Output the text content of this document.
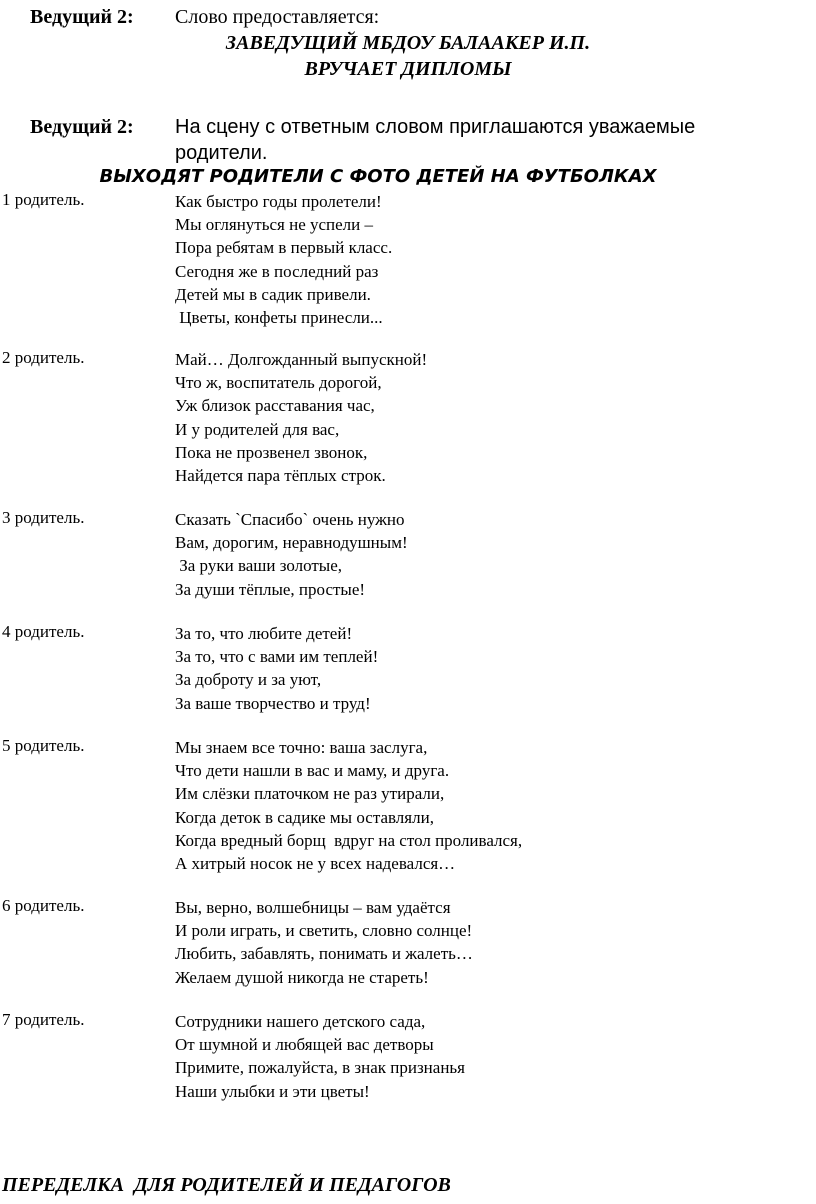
Ведущий 2: Слово предоставляется:
ЗАВЕДУЩИЙ МБДОУ БАЛААКЕР И.П.
ВРУЧАЕТ ДИПЛОМЫ
Ведущий 2: На сцену с ответным словом приглашаются уважаемые
родители.
ВЫХОДЯТ РОДИТЕЛИ С ФОТО ДЕТЕЙ НА ФУТБОЛКАХ
1 родитель.	Как быстро годы пролетели!
Мы оглянуться не успели –
Пора ребятам в первый класс.
Сегодня же в последний раз
Детей мы в садик привели.
Цветы, конфеты принесли...
2 родитель.	Май… Долгожданный выпускной!
Что ж, воспитатель дорогой,
Уж близок расставания час,
И у родителей для вас,
Пока не прозвенел звонок,
Найдется пара тёплых строк.
3 родитель.	Сказать `Спасибо` очень нужно
Вам, дорогим, неравнодушным!
За руки ваши золотые,
За души тёплые, простые!
4 родитель.	За то, что любите детей!
За то, что с вами им теплей!
За доброту и за уют,
За ваше творчество и труд!
5 родитель.	Мы знаем все точно: ваша заслуга,
Что дети нашли в вас и маму, и друга.
Им слёзки платочком не раз утирали,
Когда деток в садике мы оставляли,
Когда вредный борщ  вдруг на стол проливался,
А хитрый носок не у всех надевался…
6 родитель.	Вы, верно, волшебницы – вам удаётся
И роли играть, и светить, словно солнце!
Любить, забавлять, понимать и жалеть…
Желаем душой никогда не стареть!
7 родитель.	Сотрудники нашего детского сада,
От шумной и любящей вас детворы
Примите, пожалуйста, в знак признанья
Наши улыбки и эти цветы!
ПЕРЕДЕЛКА  ДЛЯ РОДИТЕЛЕЙ И ПЕДАГОГОВ
